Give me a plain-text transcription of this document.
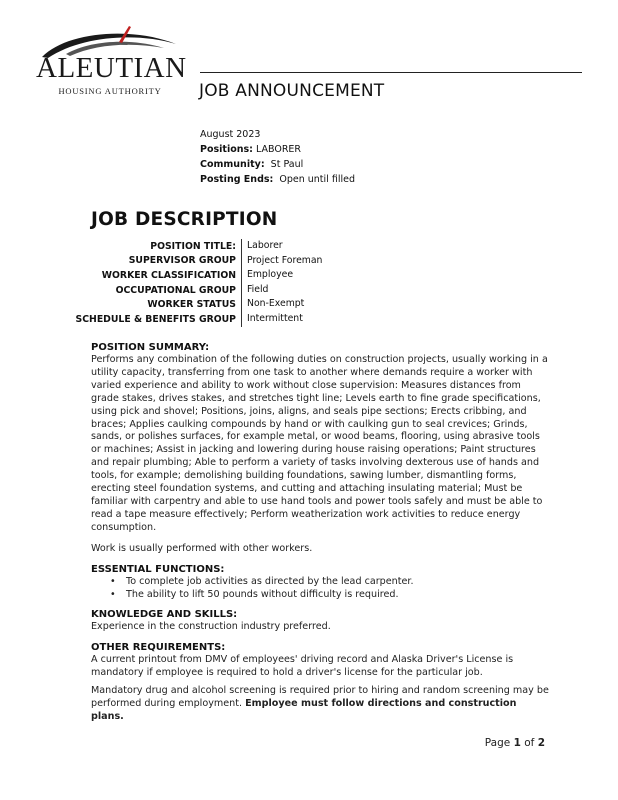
ALEUTIAN
HOUSING AUTHORITY	JOB ANNOUNCEMENT
August 2023
Positions: LABORER
Community: St Paul
Posting Ends: Open until filled
JOB DESCRIPTION
POSITION TITLE:	Laborer
SUPERVISOR GROUP	Project Foreman
WORKER CLASSIFICATION	Employee
OCCUPATIONAL GROUP	Field
WORKER STATUS	Non-Exempt
SCHEDULE & BENEFITS GROUP	Intermittent
POSITION SUMMARY:
Performs any combination of the following duties on construction projects, usually working in a utility capacity, transferring from one task to another where demands require a worker with varied experience and ability to work without close supervision: Measures distances from grade stakes, drives stakes, and stretches tight line; Levels earth to fine grade specifications, using pick and shovel; Positions, joins, aligns, and seals pipe sections; Erects cribbing, and braces; Applies caulking compounds by hand or with caulking gun to seal crevices; Grinds, sands, or polishes surfaces, for example metal, or wood beams, flooring, using abrasive tools or machines; Assist in jacking and lowering during house raising operations; Paint structures and repair plumbing; Able to perform a variety of tasks involving dexterous use of hands and tools, for example; demolishing building foundations, sawing lumber, dismantling forms, erecting steel foundation systems, and cutting and attaching insulating material; Must be familiar with carpentry and able to use hand tools and power tools safely and must be able to read a tape measure effectively; Perform weatherization work activities to reduce energy consumption.
Work is usually performed with other workers.
ESSENTIAL FUNCTIONS:
• To complete job activities as directed by the lead carpenter.
• The ability to lift 50 pounds without difficulty is required.
KNOWLEDGE AND SKILLS:
Experience in the construction industry preferred.
OTHER REQUIREMENTS:
A current printout from DMV of employees' driving record and Alaska Driver's License is mandatory if employee is required to hold a driver's license for the particular job.
Mandatory drug and alcohol screening is required prior to hiring and random screening may be performed during employment. Employee must follow directions and construction plans.
Page 1 of 2
